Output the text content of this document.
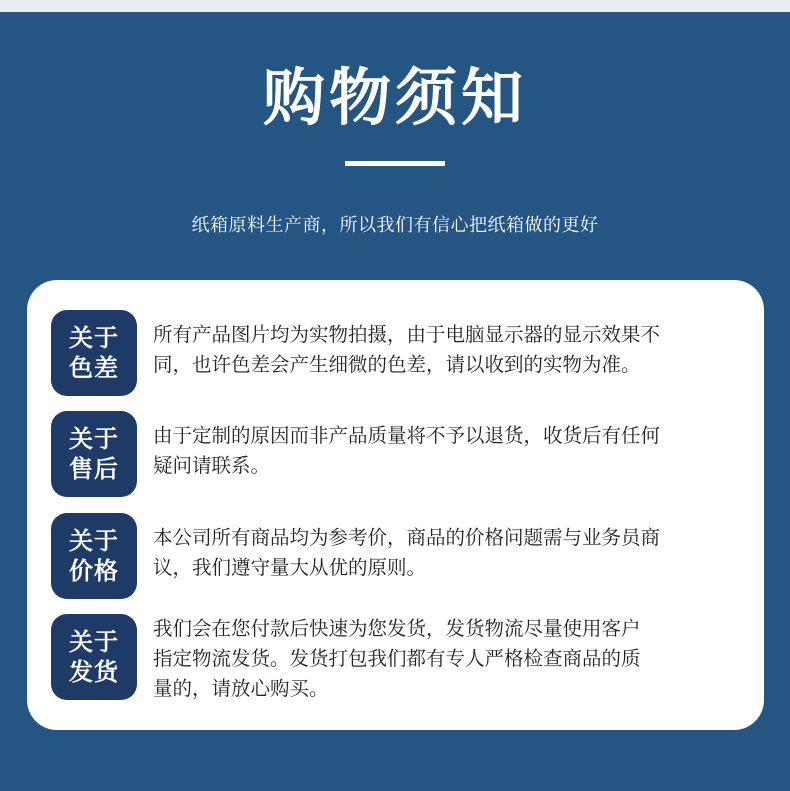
购物须知
纸箱原料生产商，所以我们有信心把纸箱做的更好
关于
色差

所有产品图片均为实物拍摄，由于电脑显示器的显示效果不
同，也许色差会产生细微的色差，请以收到的实物为准。

关于
售后

由于定制的原因而非产品质量将不予以退货，收货后有任何
疑问请联系。

关于
价格

本公司所有商品均为参考价，商品的价格问题需与业务员商
议，我们遵守量大从优的原则。

关于
发货

我们会在您付款后快速为您发货，发货物流尽量使用客户
指定物流发货。发货打包我们都有专人严格检查商品的质
量的，请放心购买。
